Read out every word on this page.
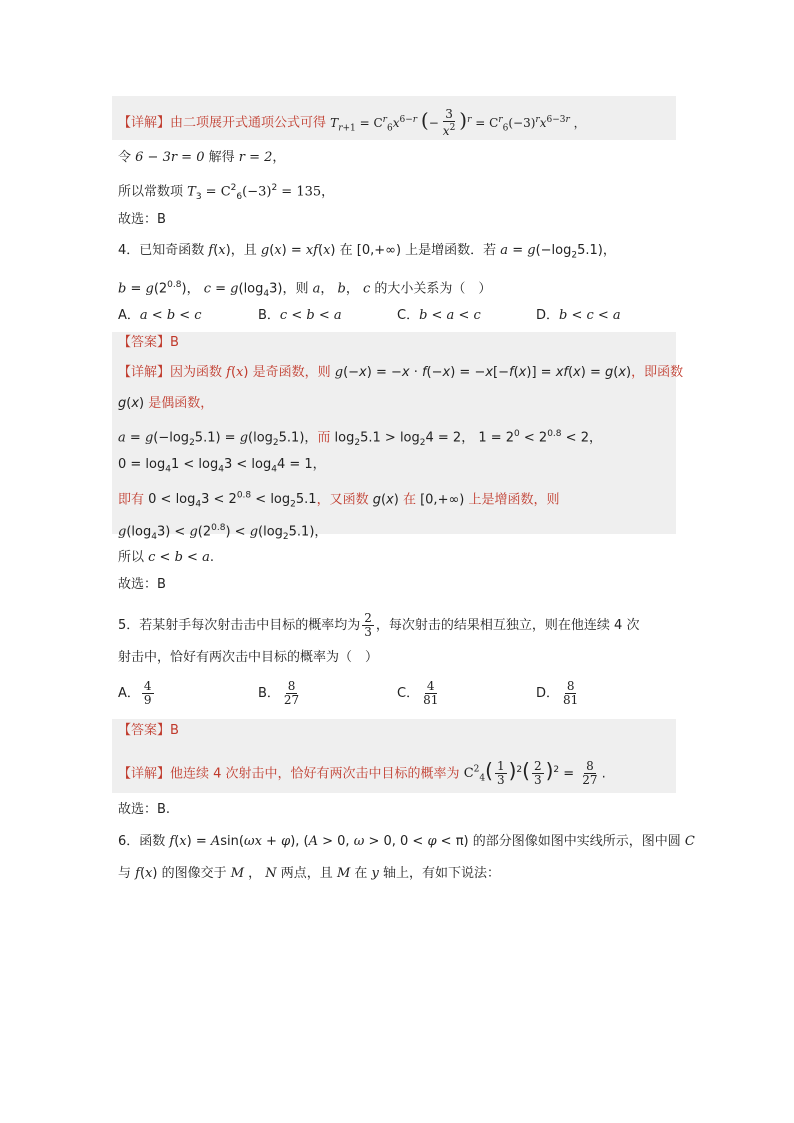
【详解】由二项展开式通项公式可得 $T_{r+1} = C^r_6x^{6-r}$ (− $\frac{3}{x^2} )^r = C^r_6(-3)^rx^{6-3r}$ ，
令 6 − 3r = 0 解得 r = 2，
所以常数项 $T_3 = C^2_6(-3)^2 = 135$，
故选：B
4．已知奇函数 f(x)，且 g(x) = xf(x) 在 [0,+∞) 上是增函数．若 $a = g(-\log_25.1)$，
$b = g(2^{0.8})$， $c = g(\log_43)$，则 a， b， c 的大小关系为（　）
A．a < b < c	B．c < b < a	C．b < a < c	D．b < c < a
【答案】B
【详解】因为函数 f(x) 是奇函数，则 g(−x) = −x · f(−x) = −x[−f(x)] = xf(x) = g(x)，即函数
g(x) 是偶函数，
$a = g(-\log_25.1) = g(\log_25.1)$，而 $\log_25.1 > \log_24 = 2$， $1 = 2^0 < 2^{0.8} < 2$，
$0 = \log_41 < \log_43 < \log_44 = 1$，
即有 $0 < \log_43 < 2^{0.8} < \log_25.1$，又函数 g(x) 在 [0,+∞) 上是增函数，则
$g(\log_43) < g(2^{0.8}) < g(\log_25.1)$，
所以 c < b < a.
故选：B
5．若某射手每次射击击中目标的概率均为 $\frac{2}{3}$ ，每次射击的结果相互独立，则在他连续 4 次
射击中，恰好有两次击中目标的概率为（　）
A． $\frac{4}{9}$	B． $\frac{8}{27}$	C． $\frac{4}{81}$	D． $\frac{8}{81}$
【答案】B
【详解】他连续 4 次射击中，恰好有两次击中目标的概率为 $C^2_4( \frac{1}{3} )^2( \frac{2}{3} )^2 = \frac{8}{27}$ .
故选：B.
6．函数 f(x) = Asin(ωx + φ), (A > 0, ω > 0, 0 < φ < π) 的部分图像如图中实线所示，图中圆 C
与 f(x) 的图像交于 M ， N 两点，且 M 在 y 轴上，有如下说法：
